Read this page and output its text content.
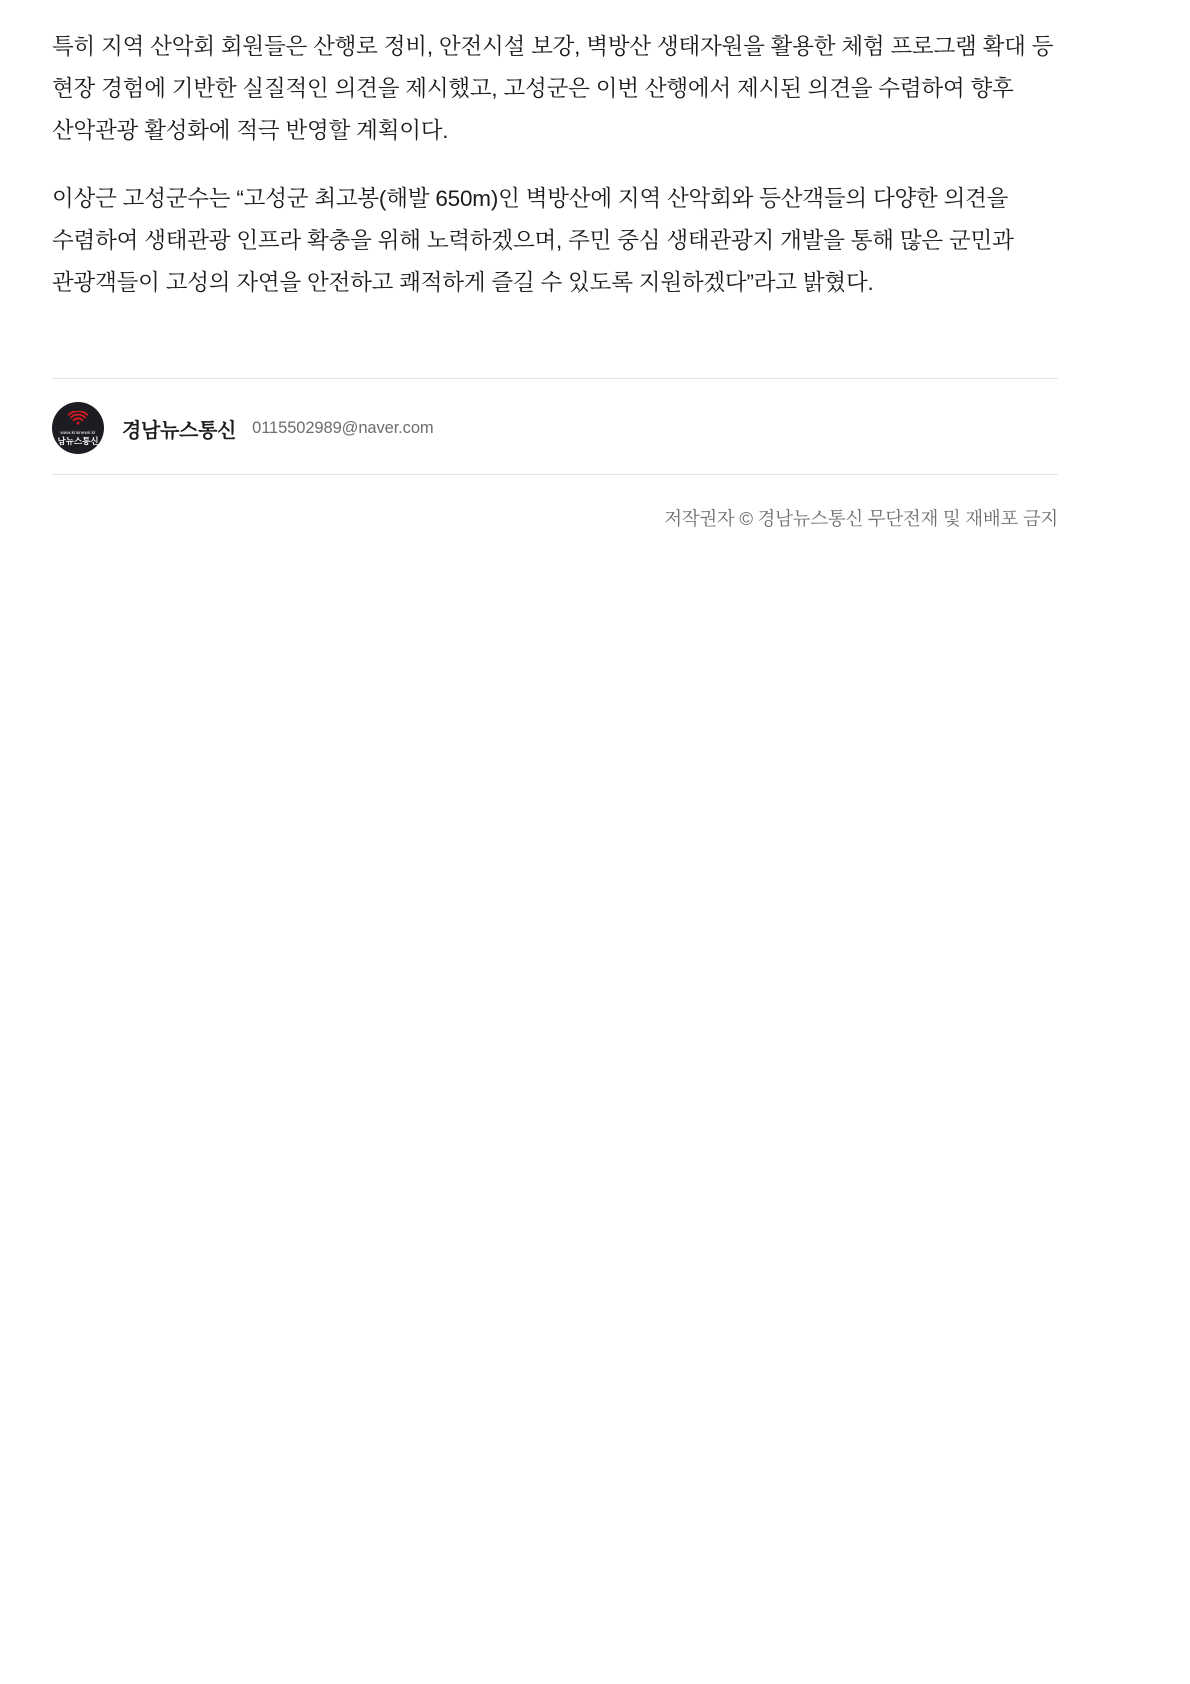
특히 지역 산악회 회원들은 산행로 정비, 안전시설 보강, 벽방산 생태자원을 활용한 체험 프로그램 확대 등 현장 경험에 기반한 실질적인 의견을 제시했고, 고성군은 이번 산행에서 제시된 의견을 수렴하여 향후 산악관광 활성화에 적극 반영할 계획이다.

이상근 고성군수는 “고성군 최고봉(해발 650m)인 벽방산에 지역 산악회와 등산객들의 다양한 의견을 수렴하여 생태관광 인프라 확충을 위해 노력하겠으며, 주민 중심 생태관광지 개발을 통해 많은 군민과 관광객들이 고성의 자연을 안전하고 쾌적하게 즐길 수 있도록 지원하겠다”라고 밝혔다.

www.knsnews.kr
남뉴스통신 경남뉴스통신 0115502989@naver.com
저작권자 © 경남뉴스통신 무단전재 및 재배포 금지
